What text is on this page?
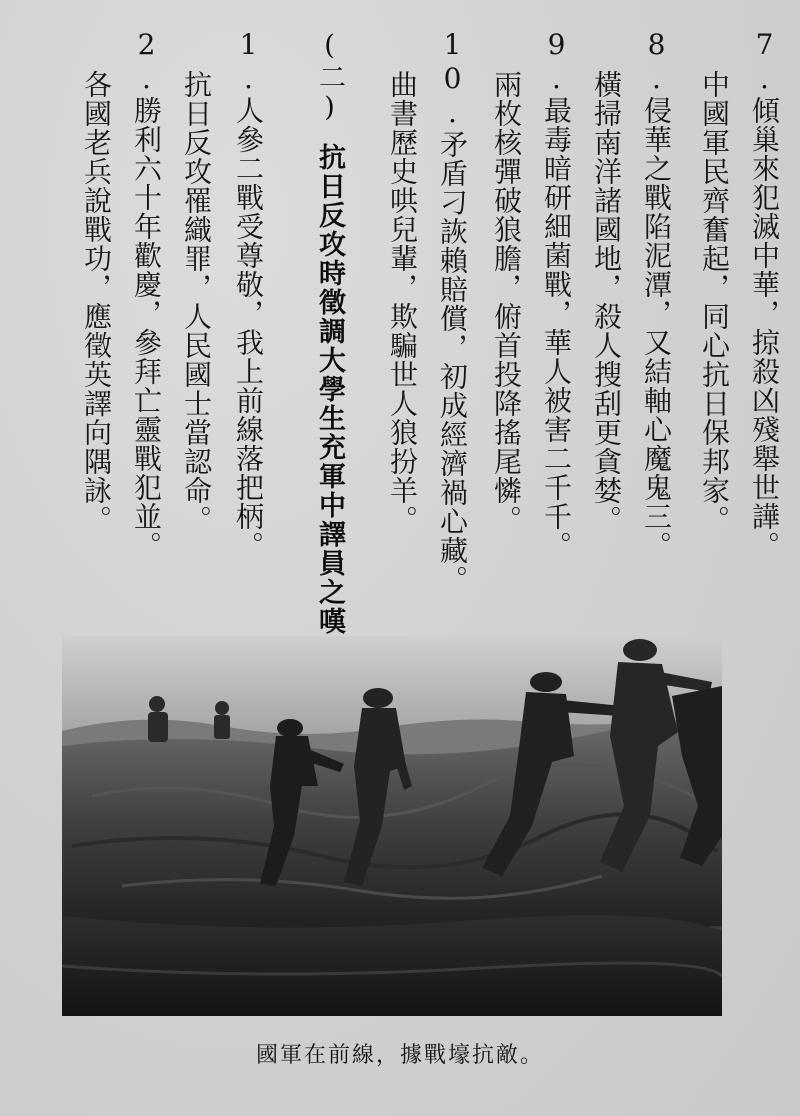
7.傾巢來犯滅中華，掠殺凶殘舉世譁。
中國軍民齊奮起，同心抗日保邦家。
8.侵華之戰陷泥潭，又結軸心魔鬼三。
橫掃南洋諸國地，殺人搜刮更貪婪。
9.最毒暗研細菌戰，華人被害二千千。
兩枚核彈破狼膽，俯首投降搖尾憐。
10.矛盾刁詼賴賠償，初成經濟禍心藏。
曲書歷史哄兒輩，欺騙世人狼扮羊。
(二)抗日反攻時徵調大學生充軍中譯員之嘆
1.人參二戰受尊敬，我上前線落把柄。
抗日反攻罹織罪，人民國士當認命。
2.勝利六十年歡慶，參拜亡靈戰犯並。
各國老兵說戰功，應徵英譯向隅詠。
國軍在前線，據戰壕抗敵。
